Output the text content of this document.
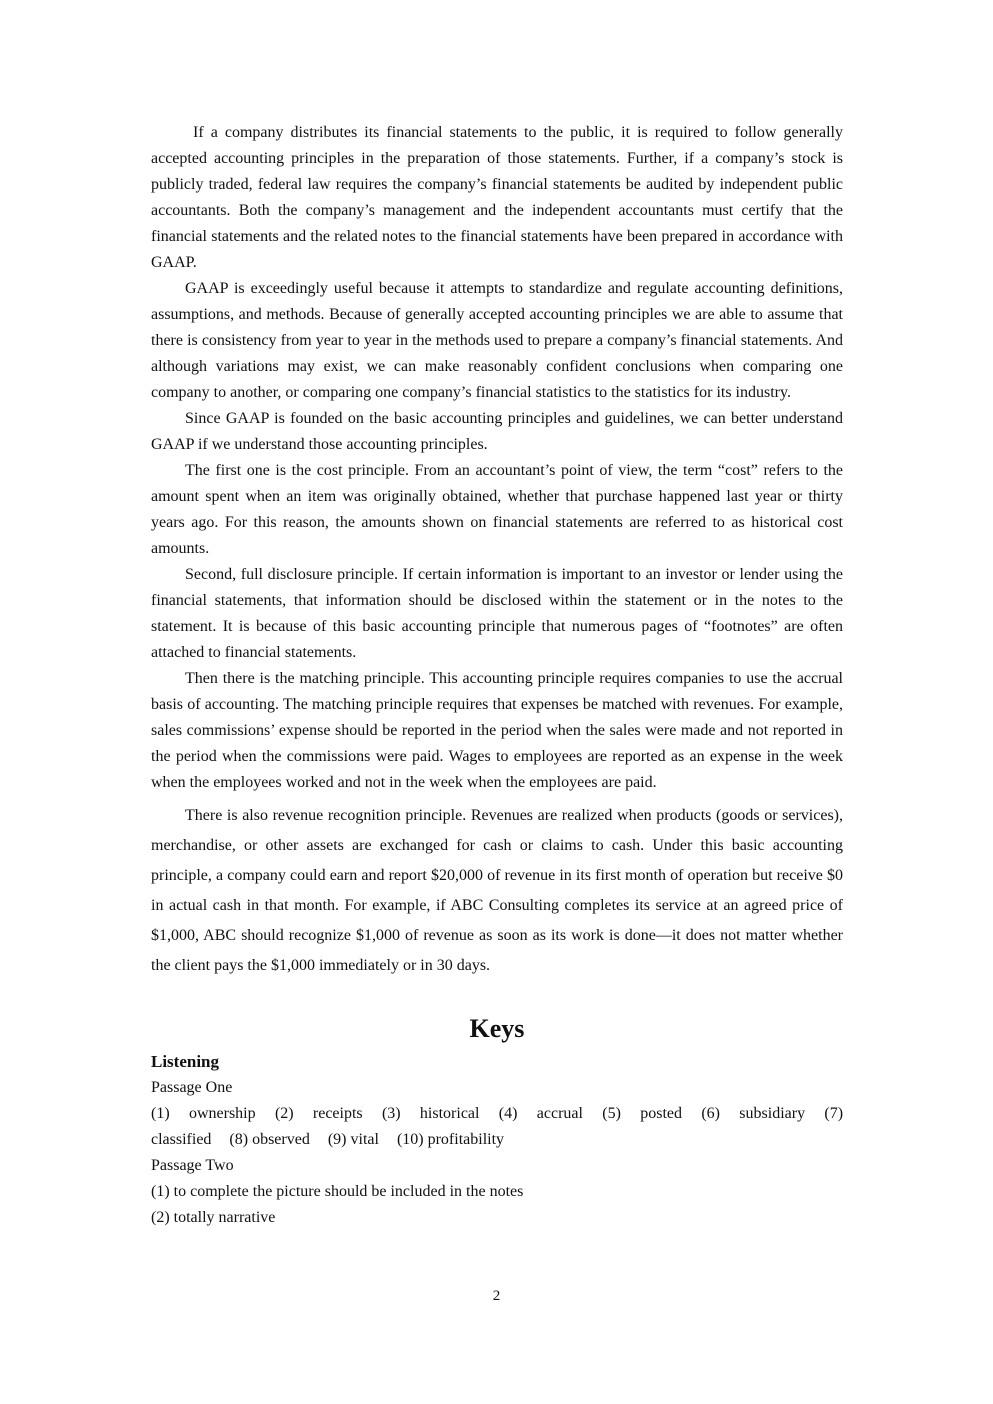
If a company distributes its financial statements to the public, it is required to follow generally accepted accounting principles in the preparation of those statements. Further, if a company’s stock is publicly traded, federal law requires the company’s financial statements be audited by independent public accountants. Both the company’s management and the independent accountants must certify that the financial statements and the related notes to the financial statements have been prepared in accordance with GAAP.

GAAP is exceedingly useful because it attempts to standardize and regulate accounting definitions, assumptions, and methods. Because of generally accepted accounting principles we are able to assume that there is consistency from year to year in the methods used to prepare a company’s financial statements. And although variations may exist, we can make reasonably confident conclusions when comparing one company to another, or comparing one company’s financial statistics to the statistics for its industry.

Since GAAP is founded on the basic accounting principles and guidelines, we can better understand GAAP if we understand those accounting principles.

The first one is the cost principle. From an accountant’s point of view, the term “cost” refers to the amount spent when an item was originally obtained, whether that purchase happened last year or thirty years ago. For this reason, the amounts shown on financial statements are referred to as historical cost amounts.

Second, full disclosure principle. If certain information is important to an investor or lender using the financial statements, that information should be disclosed within the statement or in the notes to the statement. It is because of this basic accounting principle that numerous pages of “footnotes” are often attached to financial statements.

Then there is the matching principle. This accounting principle requires companies to use the accrual basis of accounting. The matching principle requires that expenses be matched with revenues. For example, sales commissions’ expense should be reported in the period when the sales were made and not reported in the period when the commissions were paid. Wages to employees are reported as an expense in the week when the employees worked and not in the week when the employees are paid.

There is also revenue recognition principle. Revenues are realized when products (goods or services), merchandise, or other assets are exchanged for cash or claims to cash. Under this basic accounting principle, a company could earn and report $20,000 of revenue in its first month of operation but receive $0 in actual cash in that month. For example, if ABC Consulting completes its service at an agreed price of $1,000, ABC should recognize $1,000 of revenue as soon as its work is done—it does not matter whether the client pays the $1,000 immediately or in 30 days.

Keys

Listening

Passage One

(1) ownership (2) receipts (3) historical (4) accrual (5) posted (6) subsidiary (7)

classified (8) observed (9) vital (10) profitability

Passage Two

(1) to complete the picture should be included in the notes

(2) totally narrative

2
